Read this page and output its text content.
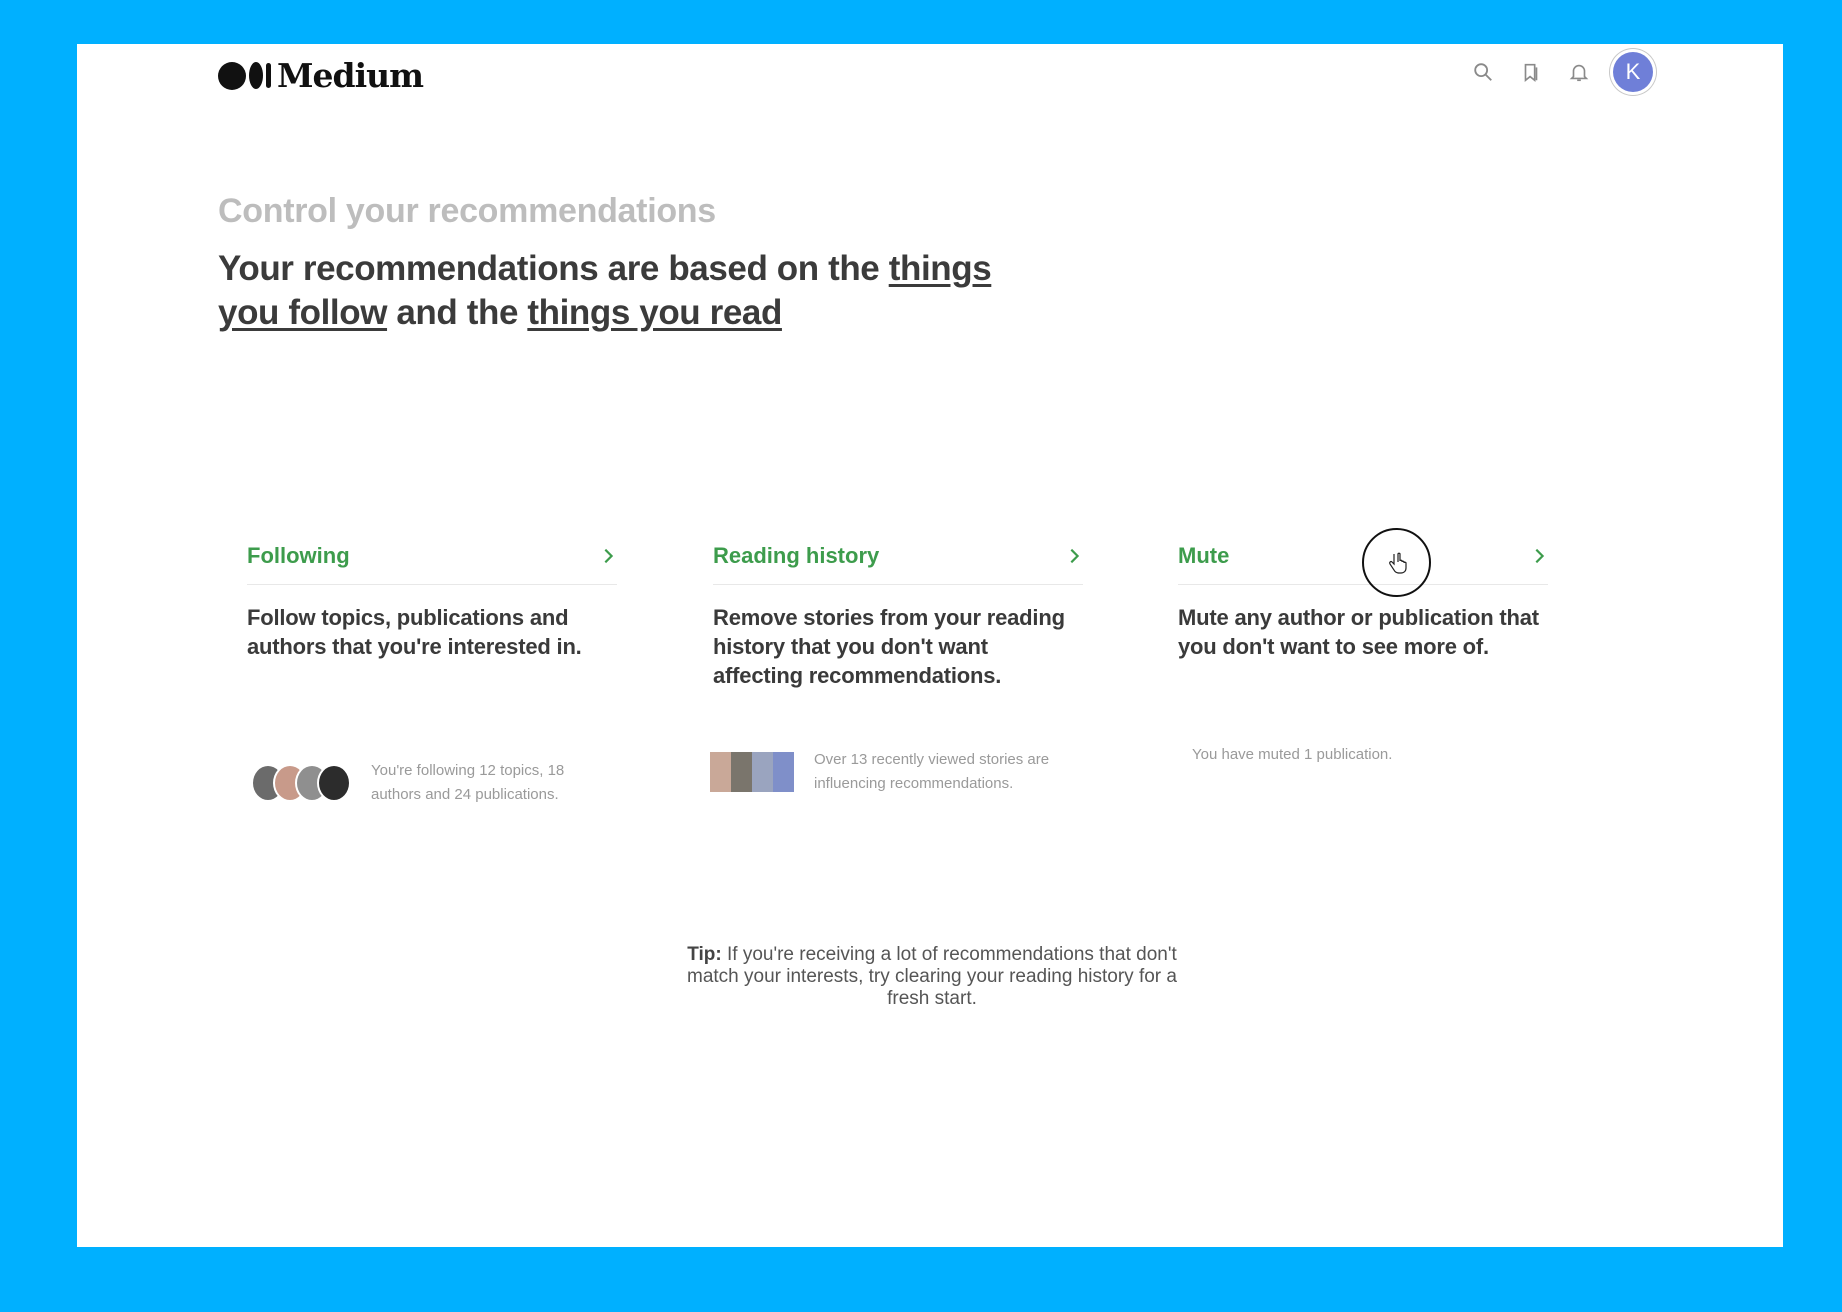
Medium	K
Control your recommendations
Your recommendations are based on the things you follow and the things you read
Following
Follow topics, publications and authors that you're interested in.
You're following 12 topics, 18 authors and 24 publications.
Reading history
Remove stories from your reading history that you don't want affecting recommendations.
Over 13 recently viewed stories are influencing recommendations.
Mute
Mute any author or publication that you don't want to see more of.
You have muted 1 publication.
Tip: If you're receiving a lot of recommendations that don't match your interests, try clearing your reading history for a fresh start.
